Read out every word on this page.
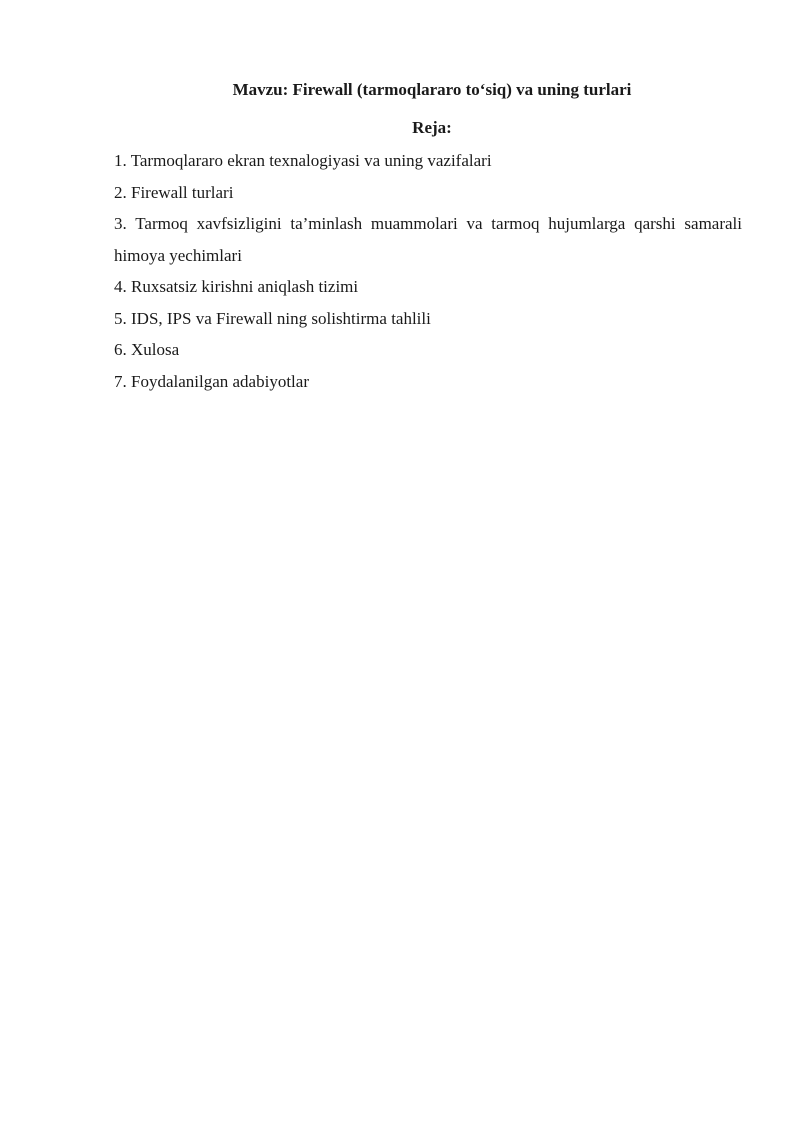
Mavzu: Firewall (tarmoqlararo to‘siq) va uning turlari

Reja:

1. Tarmoqlararo ekran texnalogiyasi va uning vazifalari
2. Firewall turlari
3. Tarmoq xavfsizligini ta’minlash muammolari va tarmoq hujumlarga qarshi samarali himoya yechimlari
4. Ruxsatsiz kirishni aniqlash tizimi
5. IDS, IPS va Firewall ning solishtirma tahlili
6. Xulosa
7. Foydalanilgan adabiyotlar
